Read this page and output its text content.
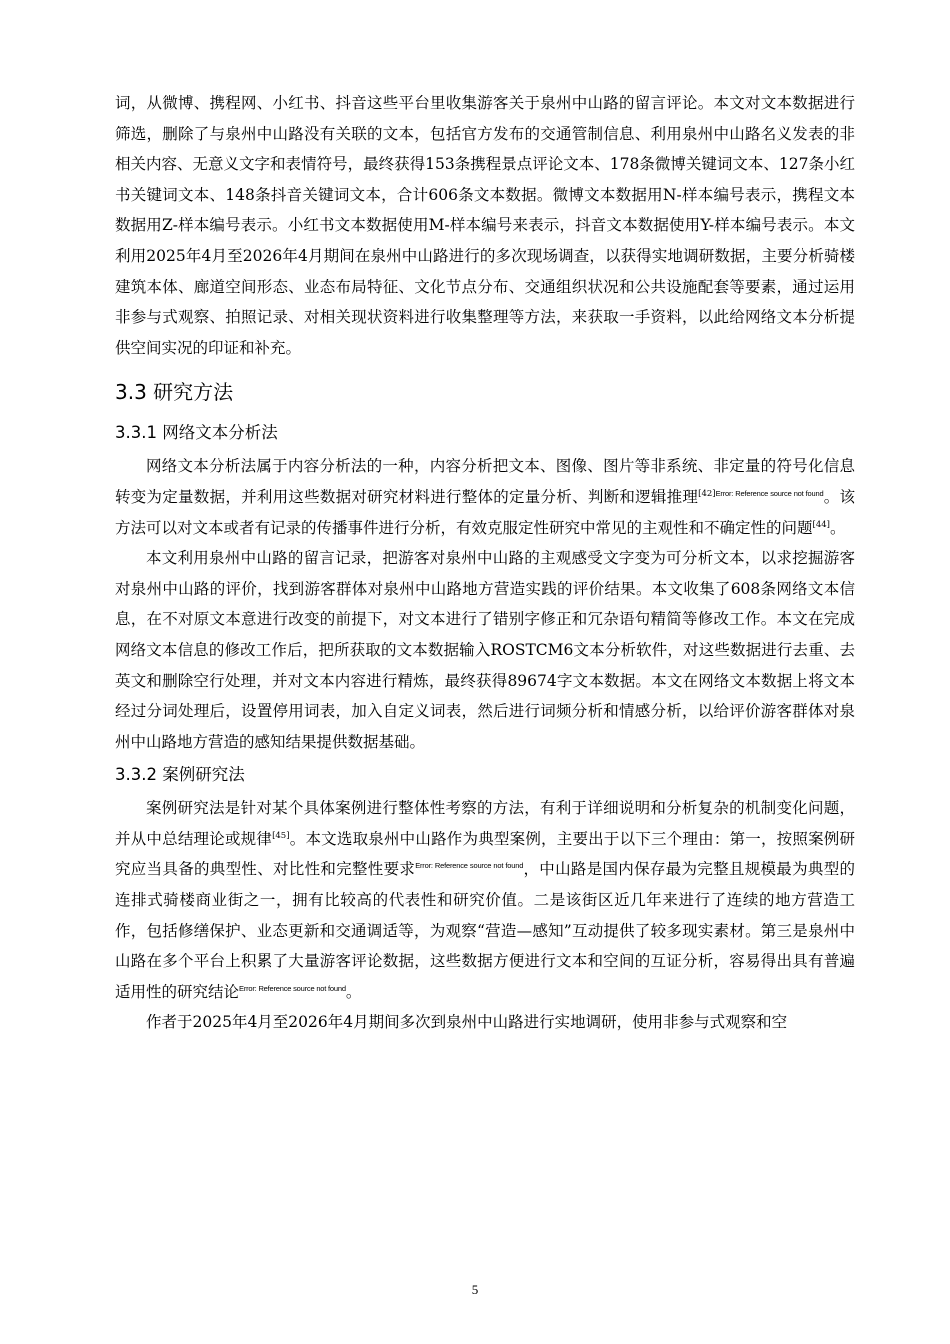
词，从微博、携程网、小红书、抖音这些平台里收集游客关于泉州中山路的留言评论。本文对文本数据进行筛选，删除了与泉州中山路没有关联的文本，包括官方发布的交通管制信息、利用泉州中山路名义发表的非相关内容、无意义文字和表情符号，最终获得153条携程景点评论文本、178条微博关键词文本、127条小红书关键词文本、148条抖音关键词文本，合计606条文本数据。微博文本数据用N-样本编号表示，携程文本数据用Z-样本编号表示。小红书文本数据使用M-样本编号来表示，抖音文本数据使用Y-样本编号表示。本文利用2025年4月至2026年4月期间在泉州中山路进行的多次现场调查，以获得实地调研数据，主要分析骑楼建筑本体、廊道空间形态、业态布局特征、文化节点分布、交通组织状况和公共设施配套等要素，通过运用非参与式观察、拍照记录、对相关现状资料进行收集整理等方法，来获取一手资料，以此给网络文本分析提供空间实况的印证和补充。

3.3 研究方法
3.3.1 网络文本分析法

网络文本分析法属于内容分析法的一种，内容分析把文本、图像、图片等非系统、非定量的符号化信息转变为定量数据，并利用这些数据对研究材料进行整体的定量分析、判断和逻辑推理$^{[42]Error: Reference source not found}$。该方法可以对文本或者有记录的传播事件进行分析，有效克服定性研究中常见的主观性和不确定性的问题[44]。

本文利用泉州中山路的留言记录，把游客对泉州中山路的主观感受文字变为可分析文本，以求挖掘游客对泉州中山路的评价，找到游客群体对泉州中山路地方营造实践的评价结果。本文收集了608条网络文本信息，在不对原文本意进行改变的前提下，对文本进行了错别字修正和冗杂语句精简等修改工作。本文在完成网络文本信息的修改工作后，把所获取的文本数据输入ROSTCM6文本分析软件，对这些数据进行去重、去英文和删除空行处理，并对文本内容进行精炼，最终获得89674字文本数据。本文在网络文本数据上将文本经过分词处理后，设置停用词表，加入自定义词表，然后进行词频分析和情感分析，以给评价游客群体对泉州中山路地方营造的感知结果提供数据基础。

3.3.2 案例研究法

案例研究法是针对某个具体案例进行整体性考察的方法，有利于详细说明和分析复杂的机制变化问题，并从中总结理论或规律[45]。本文选取泉州中山路作为典型案例，主要出于以下三个理由：第一，按照案例研究应当具备的典型性、对比性和完整性要求$^{Error: Reference source not found}$，中山路是国内保存最为完整且规模最为典型的连排式骑楼商业街之一，拥有比较高的代表性和研究价值。二是该街区近几年来进行了连续的地方营造工作，包括修缮保护、业态更新和交通调适等，为观察“营造—感知”互动提供了较多现实素材。第三是泉州中山路在多个平台上积累了大量游客评论数据，这些数据方便进行文本和空间的互证分析，容易得出具有普遍适用性的研究结论$^{Error: Reference source not found}$。

作者于2025年4月至2026年4月期间多次到泉州中山路进行实地调研，使用非参与式观察和空

5
